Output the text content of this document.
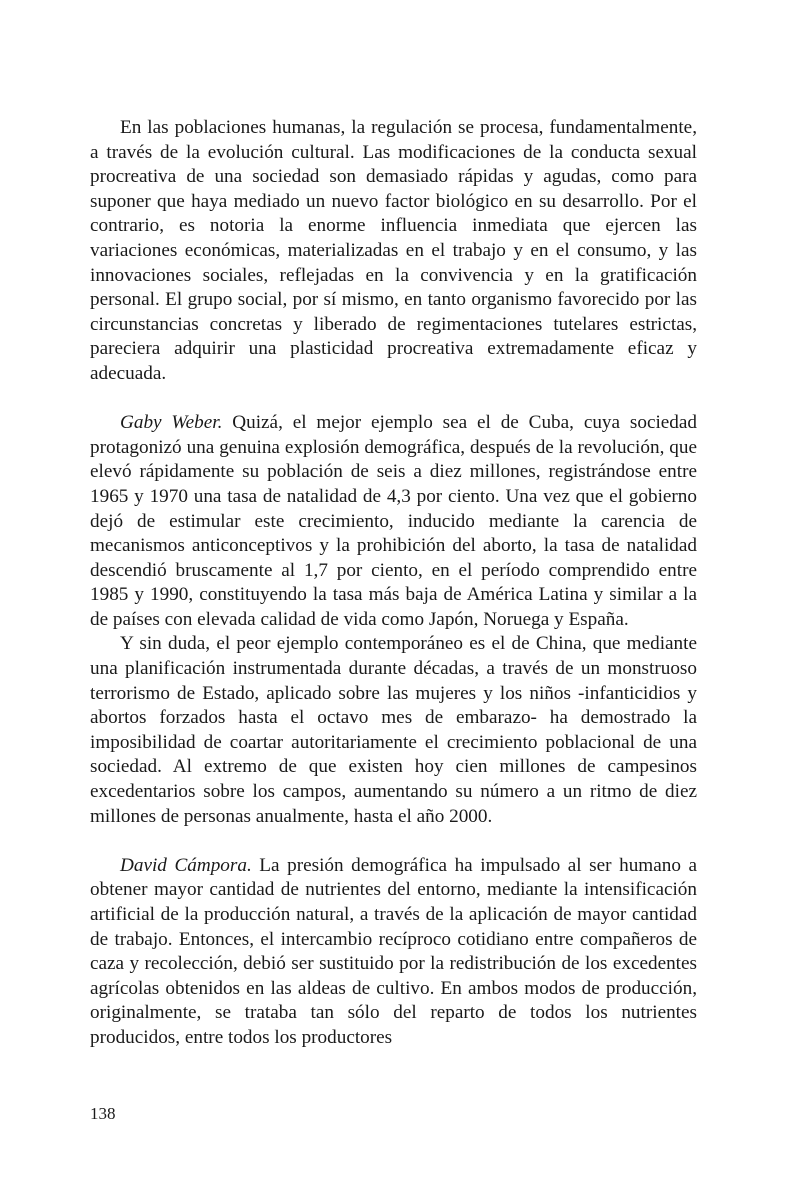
En las poblaciones humanas, la regulación se procesa, fundamentalmente, a través de la evolución cultural. Las modificaciones de la conducta sexual procreativa de una sociedad son demasiado rápidas y agudas, como para suponer que haya mediado un nuevo factor biológico en su desarrollo. Por el contrario, es notoria la enorme influencia inmediata que ejercen las variaciones económicas, materializadas en el trabajo y en el consumo, y las innovaciones sociales, reflejadas en la convivencia y en la gratificación personal. El grupo social, por sí mismo, en tanto organismo favorecido por las circunstancias concretas y liberado de regimentaciones tutelares estrictas, pareciera adquirir una plasticidad procreativa extremadamente eficaz y adecuada.

Gaby Weber. Quizá, el mejor ejemplo sea el de Cuba, cuya sociedad protagonizó una genuina explosión demográfica, después de la revolución, que elevó rápidamente su población de seis a diez millones, registrándose entre 1965 y 1970 una tasa de natalidad de 4,3 por ciento. Una vez que el gobierno dejó de estimular este crecimiento, inducido mediante la carencia de mecanismos anticonceptivos y la prohibición del aborto, la tasa de natalidad descendió bruscamente al 1,7 por ciento, en el período comprendido entre 1985 y 1990, constituyendo la tasa más baja de América Latina y similar a la de países con elevada calidad de vida como Japón, Noruega y España.

Y sin duda, el peor ejemplo contemporáneo es el de China, que mediante una planificación instrumentada durante décadas, a través de un monstruoso terrorismo de Estado, aplicado sobre las mujeres y los niños -infanticidios y abortos forzados hasta el octavo mes de embarazo- ha demostrado la imposibilidad de coartar autoritariamente el crecimiento poblacional de una sociedad. Al extremo de que existen hoy cien millones de campesinos excedentarios sobre los campos, aumentando su número a un ritmo de diez millones de personas anualmente, hasta el año 2000.

David Cámpora. La presión demográfica ha impulsado al ser humano a obtener mayor cantidad de nutrientes del entorno, mediante la intensificación artificial de la producción natural, a través de la aplicación de mayor cantidad de trabajo. Entonces, el intercambio recíproco cotidiano entre compañeros de caza y recolección, debió ser sustituido por la redistribución de los excedentes agrícolas obtenidos en las aldeas de cultivo. En ambos modos de producción, originalmente, se trataba tan sólo del reparto de todos los nutrientes producidos, entre todos los productores

138
